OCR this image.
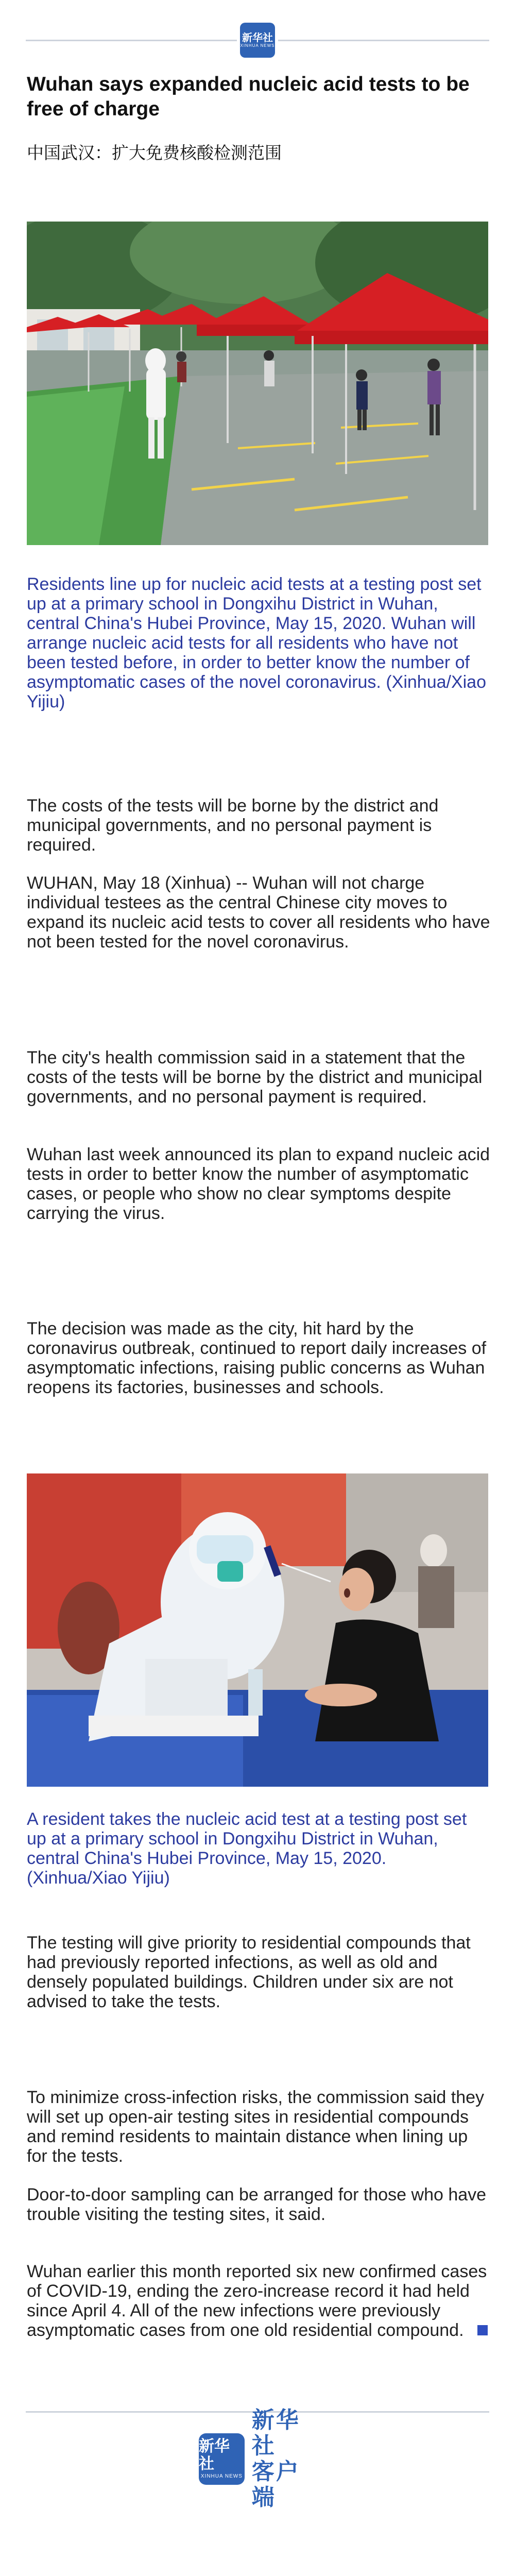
新华社
XINHUA NEWS
Wuhan says expanded nucleic acid tests to be free of charge
中国武汉：扩大免费核酸检测范围

Residents line up for nucleic acid tests at a testing post set up at a primary school in Dongxihu District in Wuhan, central China's Hubei Province, May 15, 2020. Wuhan will arrange nucleic acid tests for all residents who have not been tested before, in order to better know the number of asymptomatic cases of the novel coronavirus. (Xinhua/Xiao Yijiu)

The costs of the tests will be borne by the district and municipal governments, and no personal payment is required.

WUHAN, May 18 (Xinhua) -- Wuhan will not charge individual testees as the central Chinese city moves to expand its nucleic acid tests to cover all residents who have not been tested for the novel coronavirus.

The city's health commission said in a statement that the costs of the tests will be borne by the district and municipal governments, and no personal payment is required.

Wuhan last week announced its plan to expand nucleic acid tests in order to better know the number of asymptomatic cases, or people who show no clear symptoms despite carrying the virus.

The decision was made as the city, hit hard by the coronavirus outbreak, continued to report daily increases of asymptomatic infections, raising public concerns as Wuhan reopens its factories, businesses and schools.

A resident takes the nucleic acid test at a testing post set up at a primary school in Dongxihu District in Wuhan, central China's Hubei Province, May 15, 2020. (Xinhua/Xiao Yijiu)

The testing will give priority to residential compounds that had previously reported infections, as well as old and densely populated buildings. Children under six are not advised to take the tests.

To minimize cross-infection risks, the commission said they will set up open-air testing sites in residential compounds and remind residents to maintain distance when lining up for the tests.

Door-to-door sampling can be arranged for those who have trouble visiting the testing sites, it said.

Wuhan earlier this month reported six new confirmed cases of COVID-19, ending the zero-increase record it had held since April 4. All of the new infections were previously asymptomatic cases from one old residential compound.

新华社
XINHUA NEWS
新华社
客户端
